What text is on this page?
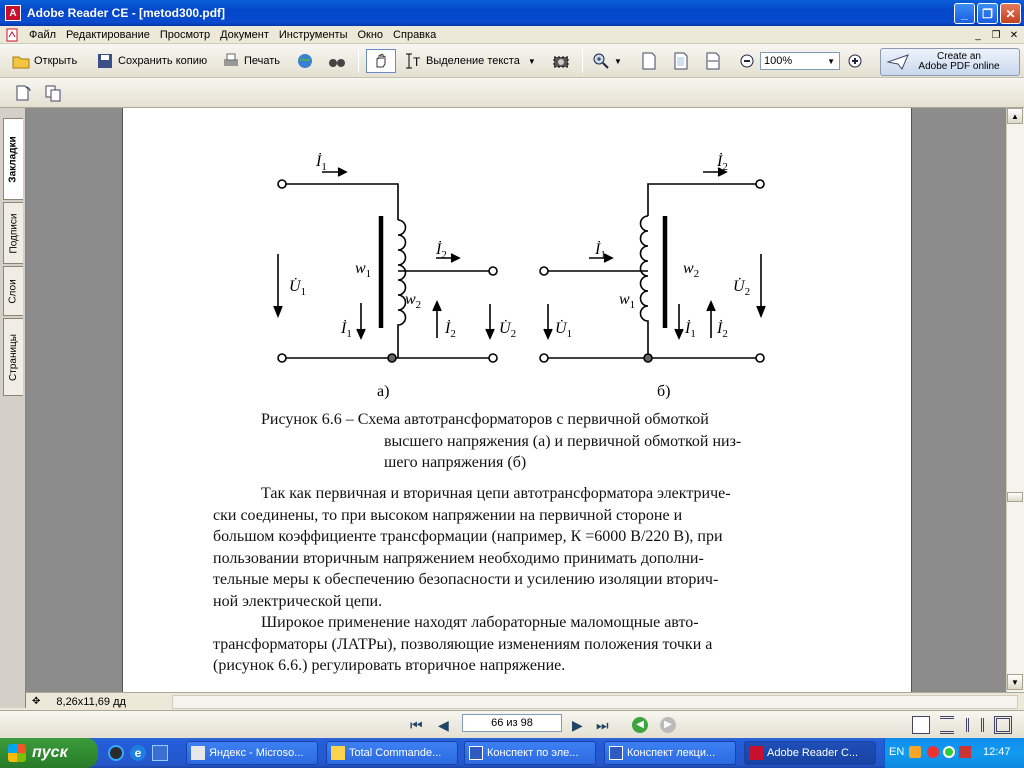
A Adobe Reader CE - [metod300.pdf]	_	❐	✕
Файл Редактирование Просмотр Документ Инструменты Окно Справка	_	❐ ✕
Открыть	Сохранить копию	Печать	T Выделение текста ▼	▼	100%	▼	Create an
Adobe PDF online
Закладки
Подписи
Слои
Страницы
$İ_1$
$İ_2$
$U̇_1$
$w_1$
$w_2$
$İ_1$	$İ_2$	$U̇_2$
а)
$İ_2$
$İ_1$
$U̇_1$
$w_1$
$w_2$
$İ_1$ $İ_2$
$U̇_2$
б)
Рисунок 6.6 – Схема автотрансформаторов с первичной обмоткой
высшего напряжения (а) и первичной обмоткой низ-
шего напряжения (б)
Так как первичная и вторичная цепи автотрансформатора электриче-
ски соединены, то при высоком напряжении на первичной стороне и
большом коэффициенте трансформации (например, К =6000 В/220 В), при
пользовании вторичным напряжением необходимо принимать дополни-
тельные меры к обеспечению безопасности и усилению изоляции вторич-
ной электрической цепи.
Широкое применение находят лабораторные маломощные авто-
трансформаторы (ЛАТРы), позволяющие изменениям положения точки а
(рисунок 6.6.) регулировать вторичное напряжение.
▲
▼
✥ 8,26x11,69 дд
⏮ ◀	▶ ⏭	◀	▶
66 из 98
пуск	e	Яндекс - Microso...	Total Commande...	Конспект по эле...	Конспект лекци...	Adobe Reader C...	EN	12:47
